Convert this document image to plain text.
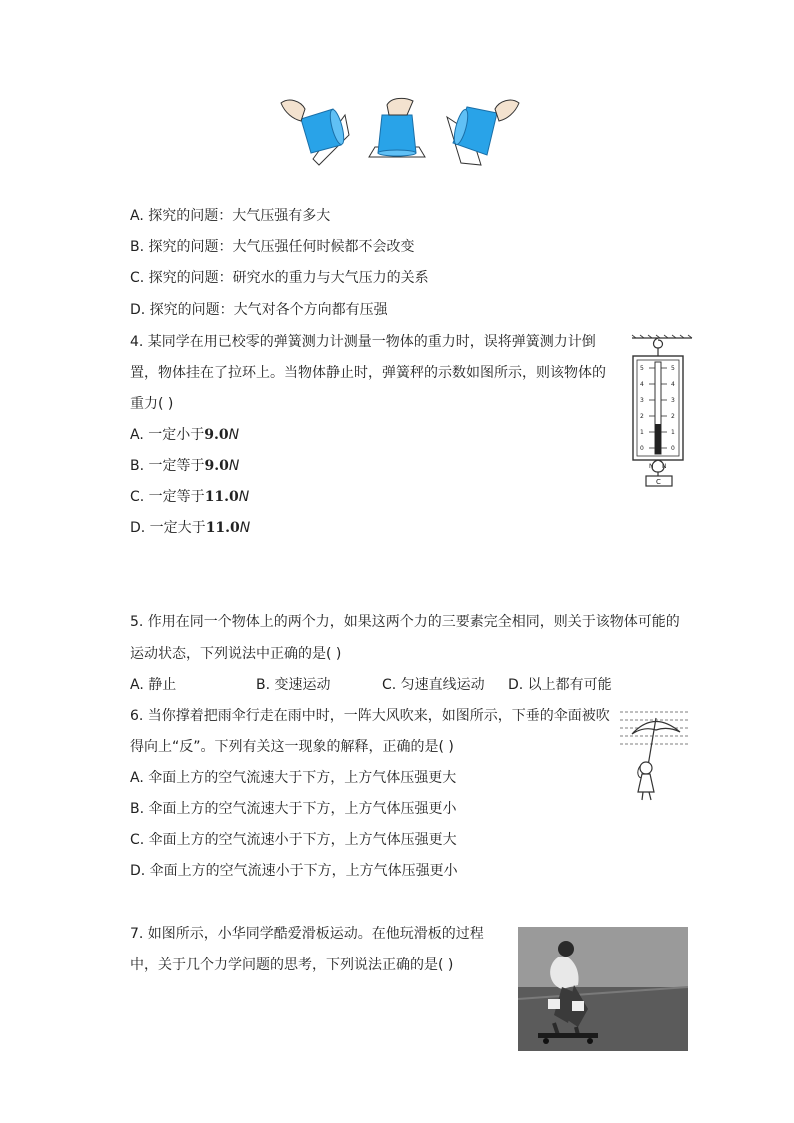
A. 探究的问题：大气压强有多大
B. 探究的问题：大气压强任何时候都不会改变
C. 探究的问题：研究水的重力与大气压力的关系
D. 探究的问题：大气对各个方向都有压强
4. 某同学在用已校零的弹簧测力计测量一物体的重力时，误将弹簧测力计倒
置，物体挂在了拉环上。当物体静止时，弹簧秤的示数如图所示，则该物体的
重力( )
A. 一定小于9.0N
B. 一定等于9.0N
C. 一定等于11.0N
D. 一定大于11.0N
0
1
2
3
4
5
0
1
2
3
4
5
N N
C
5. 作用在同一个物体上的两个力，如果这两个力的三要素完全相同，则关于该物体可能的
运动状态，下列说法中正确的是( )
A. 静止	B. 变速运动	C. 匀速直线运动 D. 以上都有可能
6. 当你撑着把雨伞行走在雨中时，一阵大风吹来，如图所示，下垂的伞面被吹
得向上“反”。下列有关这一现象的解释，正确的是( )
A. 伞面上方的空气流速大于下方，上方气体压强更大
B. 伞面上方的空气流速大于下方，上方气体压强更小
C. 伞面上方的空气流速小于下方，上方气体压强更大
D. 伞面上方的空气流速小于下方，上方气体压强更小
7. 如图所示，小华同学酷爱滑板运动。在他玩滑板的过程
中，关于几个力学问题的思考，下列说法正确的是( )
